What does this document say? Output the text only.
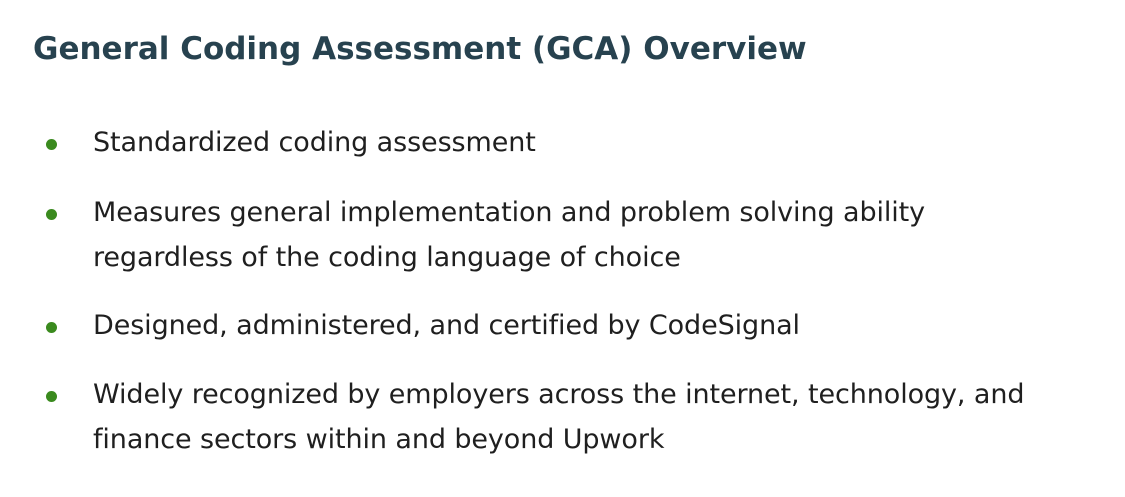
General Coding Assessment (GCA) Overview
Standardized coding assessment
Measures general implementation and problem solving ability
regardless of the coding language of choice
Designed, administered, and certified by CodeSignal
Widely recognized by employers across the internet, technology, and
finance sectors within and beyond Upwork
